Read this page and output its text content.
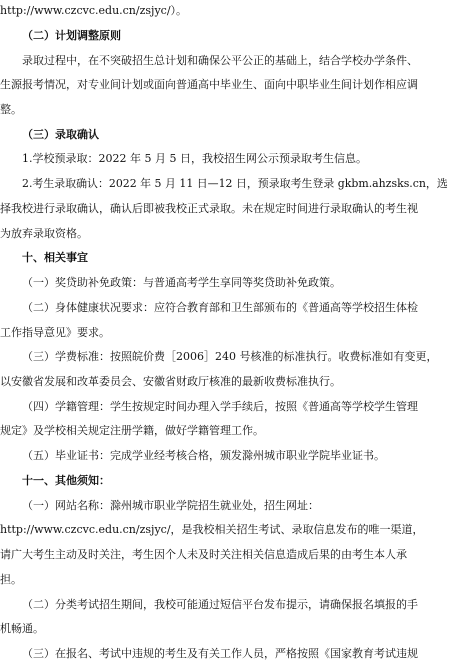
http://www.czcvc.edu.cn/zsjyc/）。
（二）计划调整原则
录取过程中，在不突破招生总计划和确保公平公正的基础上，结合学校办学条件、
生源报考情况，对专业间计划或面向普通高中毕业生、面向中职毕业生间计划作相应调
整。
（三）录取确认
1.学校预录取：2022 年 5 月 5 日，我校招生网公示预录取考生信息。
2.考生录取确认：2022 年 5 月 11 日—12 日，预录取考生登录 gkbm.ahzsks.cn，选
择我校进行录取确认，确认后即被我校正式录取。未在规定时间进行录取确认的考生视
为放弃录取资格。
十、相关事宜
（一）奖贷助补免政策：与普通高考学生享同等奖贷助补免政策。
（二）身体健康状况要求：应符合教育部和卫生部颁布的《普通高等学校招生体检
工作指导意见》要求。
（三）学费标准：按照皖价费［2006］240 号核准的标准执行。收费标准如有变更，
以安徽省发展和改革委员会、安徽省财政厅核准的最新收费标准执行。
（四）学籍管理：学生按规定时间办理入学手续后，按照《普通高等学校学生管理
规定》及学校相关规定注册学籍，做好学籍管理工作。
（五）毕业证书：完成学业经考核合格，颁发滁州城市职业学院毕业证书。
十一、其他须知：
（一）网站名称：滁州城市职业学院招生就业处，招生网址：
http://www.czcvc.edu.cn/zsjyc/，是我校相关招生考试、录取信息发布的唯一渠道，
请广大考生主动及时关注，考生因个人未及时关注相关信息造成后果的由考生本人承
担。
（二）分类考试招生期间，我校可能通过短信平台发布提示，请确保报名填报的手
机畅通。
（三）在报名、考试中违规的考生及有关工作人员，严格按照《国家教育考试违规
